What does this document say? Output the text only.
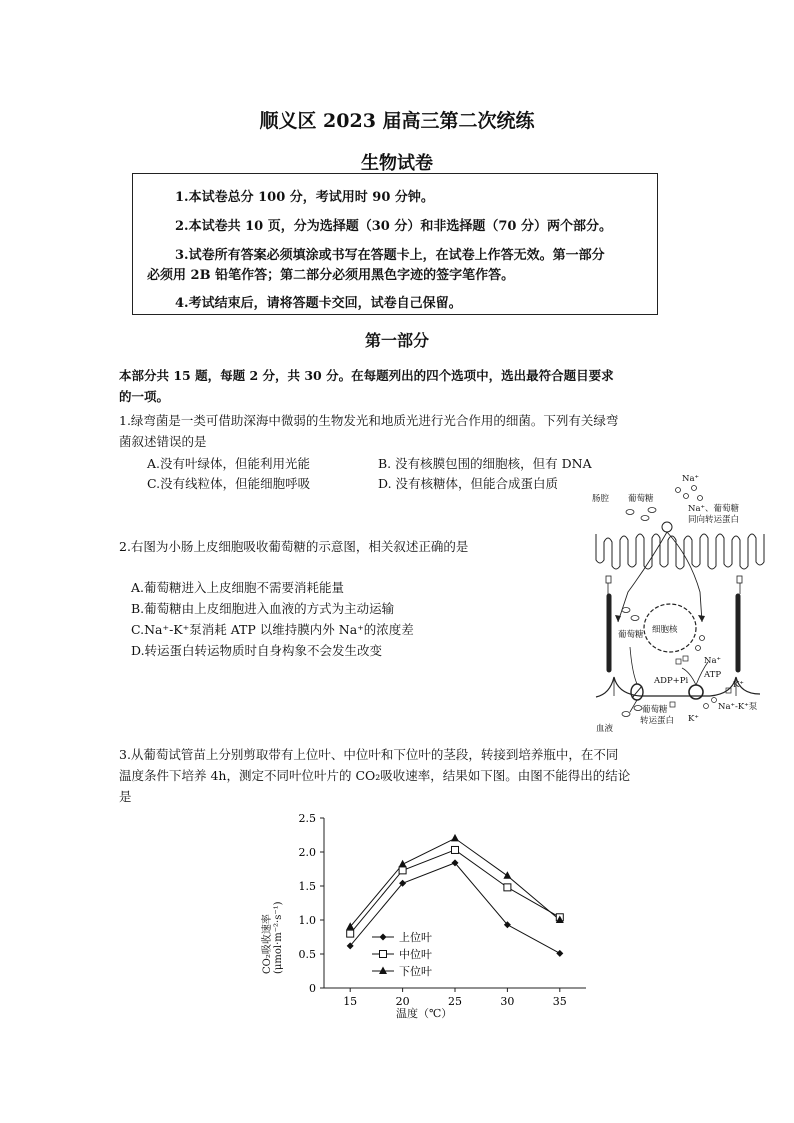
顺义区 2023 届高三第二次统练
生物试卷
1.本试卷总分 100 分，考试用时 90 分钟。
2.本试卷共 10 页，分为选择题（30 分）和非选择题（70 分）两个部分。
3.试卷所有答案必须填涂或书写在答题卡上，在试卷上作答无效。第一部分
必须用 2B 铅笔作答；第二部分必须用黑色字迹的签字笔作答。
4.考试结束后，请将答题卡交回，试卷自己保留。
第一部分
本部分共 15 题，每题 2 分，共 30 分。在每题列出的四个选项中，选出最符合题目要求
的一项。
1.绿弯菌是一类可借助深海中微弱的生物发光和地质光进行光合作用的细菌。下列有关绿弯
菌叙述错误的是
A.没有叶绿体，但能利用光能	B. 没有核膜包围的细胞核，但有 DNA
C.没有线粒体，但能细胞呼吸	D. 没有核糖体，但能合成蛋白质
2.右图为小肠上皮细胞吸收葡萄糖的示意图，相关叙述正确的是
A.葡萄糖进入上皮细胞不需要消耗能量
B.葡萄糖由上皮细胞进入血液的方式为主动运输
C.Na⁺-K⁺泵消耗 ATP 以维持膜内外 Na⁺的浓度差
D.转运蛋白转运物质时自身构象不会发生改变
肠腔 葡萄糖
Na⁺
Na⁺、葡萄糖
同向转运蛋白
细胞核
葡萄糖
Na⁺
ATP
ADP+Pi
葡萄糖
转运蛋白
Na⁺-K⁺泵
K⁺
K⁺
血液
3.从葡萄试管苗上分别剪取带有上位叶、中位叶和下位叶的茎段，转接到培养瓶中，在不同
温度条件下培养 4h，测定不同叶位叶片的 CO₂吸收速率，结果如下图。由图不能得出的结论
是
0
0.5
1.0
1.5
2.0
2.5
15	20	25	30	35
上位叶
中位叶
下位叶
CO₂吸收速率 (μmol·m⁻²·s⁻¹)
温度（℃）
